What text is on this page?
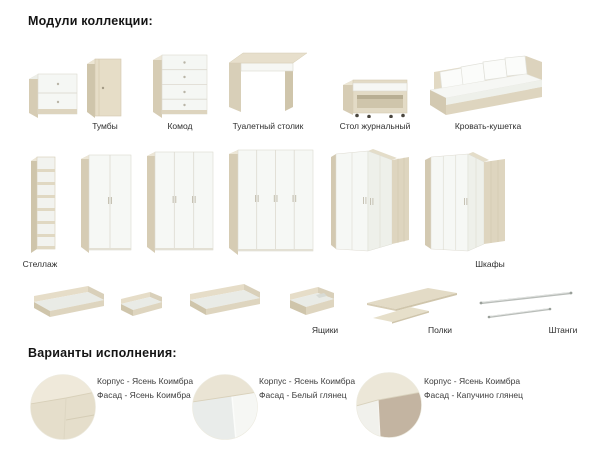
Модули коллекции:
Тумбы	Комод	Туалетный столик	Стол журнальный	Кровать-кушетка
Стеллаж	Шкафы
Ящики	Полки	Штанги
Варианты исполнения:
Корпус - Ясень Коимбра
Фасад - Ясень Коимбра
Корпус - Ясень Коимбра
Фасад - Белый глянец
Корпус - Ясень Коимбра
Фасад - Капучино глянец
